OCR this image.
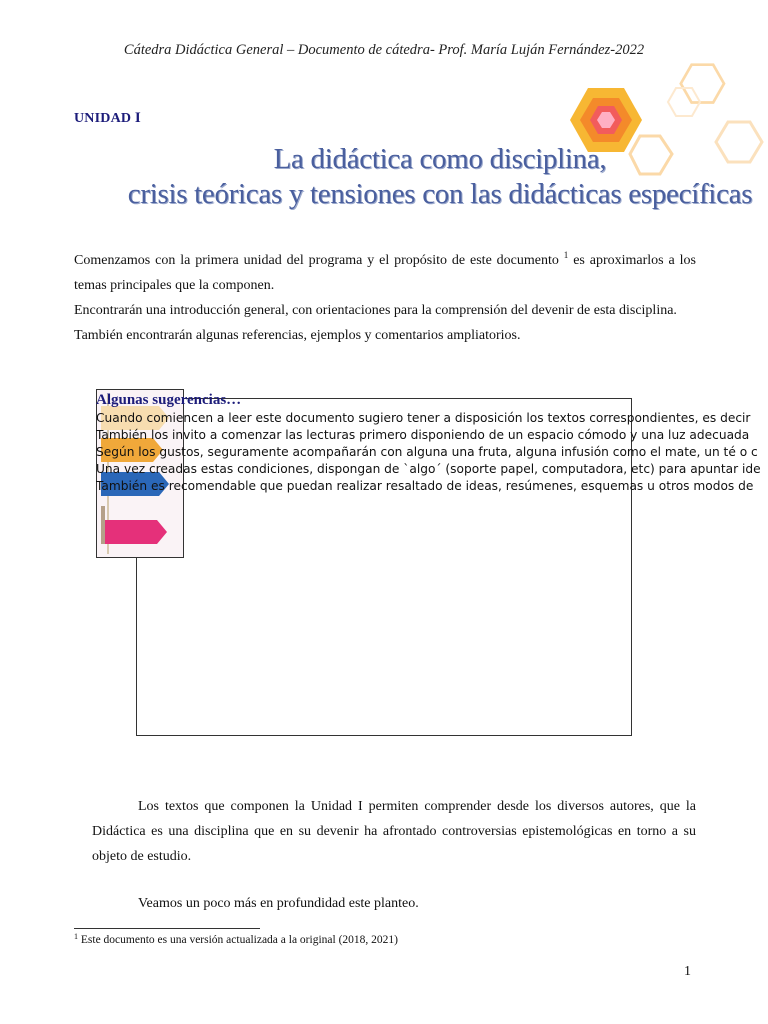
Cátedra Didáctica General – Documento de cátedra- Prof. María Luján Fernández-2022
UNIDAD I
La didáctica como disciplina,
crisis teóricas y tensiones con las didácticas específicas

Comenzamos con la primera unidad del programa y el propósito de este documento $^1$ es aproximarlos a los temas principales que la componen.

Encontrarán una introducción general, con orientaciones para la comprensión del devenir de esta disciplina.

También encontrarán algunas referencias, ejemplos y comentarios ampliatorios.

Algunas sugerencias…
Cuando comiencen a leer este documento sugiero tener a disposición los textos correspondientes, es decir
También los invito a comenzar las lecturas primero disponiendo de un espacio cómodo y una luz adecuada
Según los gustos, seguramente acompañarán con alguna una fruta, alguna infusión como el mate, un té o c
Una vez creadas estas condiciones, dispongan de ˋalgoˊ (soporte papel, computadora, etc) para apuntar ide
También es recomendable que puedan realizar resaltado de ideas, resúmenes, esquemas u otros modos de

Los textos que componen la Unidad I permiten comprender desde los diversos autores, que la Didáctica es una disciplina que en su devenir ha afrontado controversias epistemológicas en torno a su objeto de estudio.

Veamos un poco más en profundidad este planteo.
$^1$ Este documento es una versión actualizada a la original (2018, 2021)
1
